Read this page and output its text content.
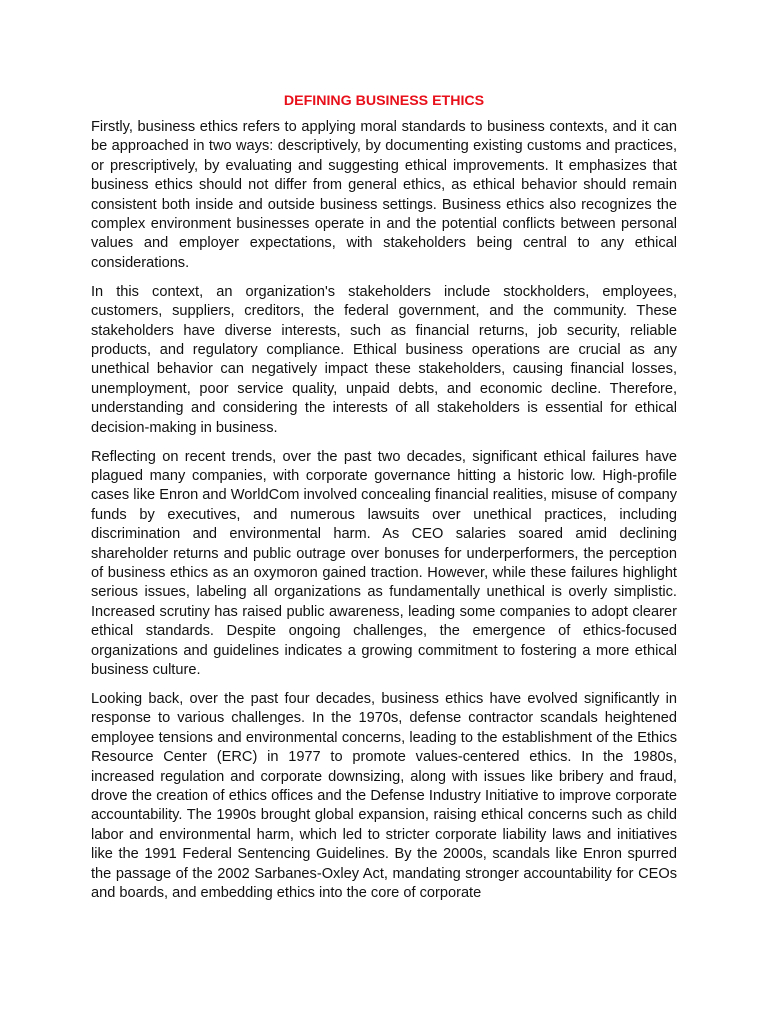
DEFINING BUSINESS ETHICS

Firstly, business ethics refers to applying moral standards to business contexts, and it can be approached in two ways: descriptively, by documenting existing customs and practices, or prescriptively, by evaluating and suggesting ethical improvements. It emphasizes that business ethics should not differ from general ethics, as ethical behavior should remain consistent both inside and outside business settings. Business ethics also recognizes the complex environment businesses operate in and the potential conflicts between personal values and employer expectations, with stakeholders being central to any ethical considerations.

In this context, an organization's stakeholders include stockholders, employees, customers, suppliers, creditors, the federal government, and the community. These stakeholders have diverse interests, such as financial returns, job security, reliable products, and regulatory compliance. Ethical business operations are crucial as any unethical behavior can negatively impact these stakeholders, causing financial losses, unemployment, poor service quality, unpaid debts, and economic decline. Therefore, understanding and considering the interests of all stakeholders is essential for ethical decision-making in business.

Reflecting on recent trends, over the past two decades, significant ethical failures have plagued many companies, with corporate governance hitting a historic low. High-profile cases like Enron and WorldCom involved concealing financial realities, misuse of company funds by executives, and numerous lawsuits over unethical practices, including discrimination and environmental harm. As CEO salaries soared amid declining shareholder returns and public outrage over bonuses for underperformers, the perception of business ethics as an oxymoron gained traction. However, while these failures highlight serious issues, labeling all organizations as fundamentally unethical is overly simplistic. Increased scrutiny has raised public awareness, leading some companies to adopt clearer ethical standards. Despite ongoing challenges, the emergence of ethics-focused organizations and guidelines indicates a growing commitment to fostering a more ethical business culture.

Looking back, over the past four decades, business ethics have evolved significantly in response to various challenges. In the 1970s, defense contractor scandals heightened employee tensions and environmental concerns, leading to the establishment of the Ethics Resource Center (ERC) in 1977 to promote values-centered ethics. In the 1980s, increased regulation and corporate downsizing, along with issues like bribery and fraud, drove the creation of ethics offices and the Defense Industry Initiative to improve corporate accountability. The 1990s brought global expansion, raising ethical concerns such as child labor and environmental harm, which led to stricter corporate liability laws and initiatives like the 1991 Federal Sentencing Guidelines. By the 2000s, scandals like Enron spurred the passage of the 2002 Sarbanes-Oxley Act, mandating stronger accountability for CEOs and boards, and embedding ethics into the core of corporate
